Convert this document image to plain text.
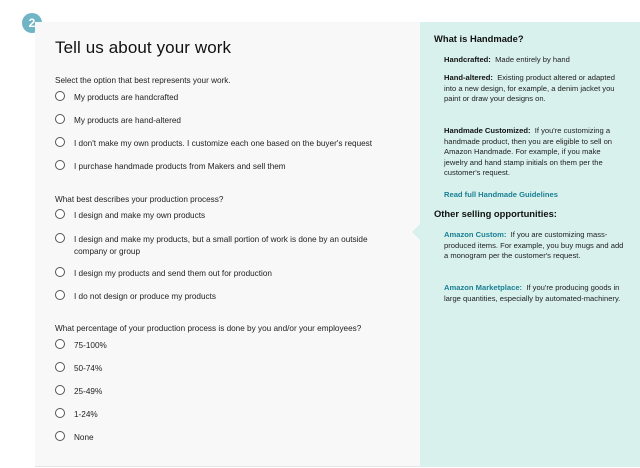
2
Tell us about your work
Select the option that best represents your work.
My products are handcrafted
My products are hand-altered
I don't make my own products. I customize each one based on the buyer's request
I purchase handmade products from Makers and sell them
What best describes your production process?
I design and make my own products
I design and make my products, but a small portion of work is done by an outside company or group
I design my products and send them out for production
I do not design or produce my products
What percentage of your production process is done by you and/or your employees?
75-100%
50-74%
25-49%
1-24%
None
What is Handmade?
Handcrafted: Made entirely by hand
Hand-altered: Existing product altered or adapted into a new design, for example, a denim jacket you paint or draw your designs on.
Handmade Customized: If you're customizing a handmade product, then you are eligible to sell on Amazon Handmade. For example, if you make jewelry and hand stamp initials on them per the customer's request.
Read full Handmade Guidelines
Other selling opportunities:
Amazon Custom: If you are customizing mass-produced items. For example, you buy mugs and add a monogram per the customer's request.
Amazon Marketplace: If you're producing goods in large quantities, especially by automated-machinery.
